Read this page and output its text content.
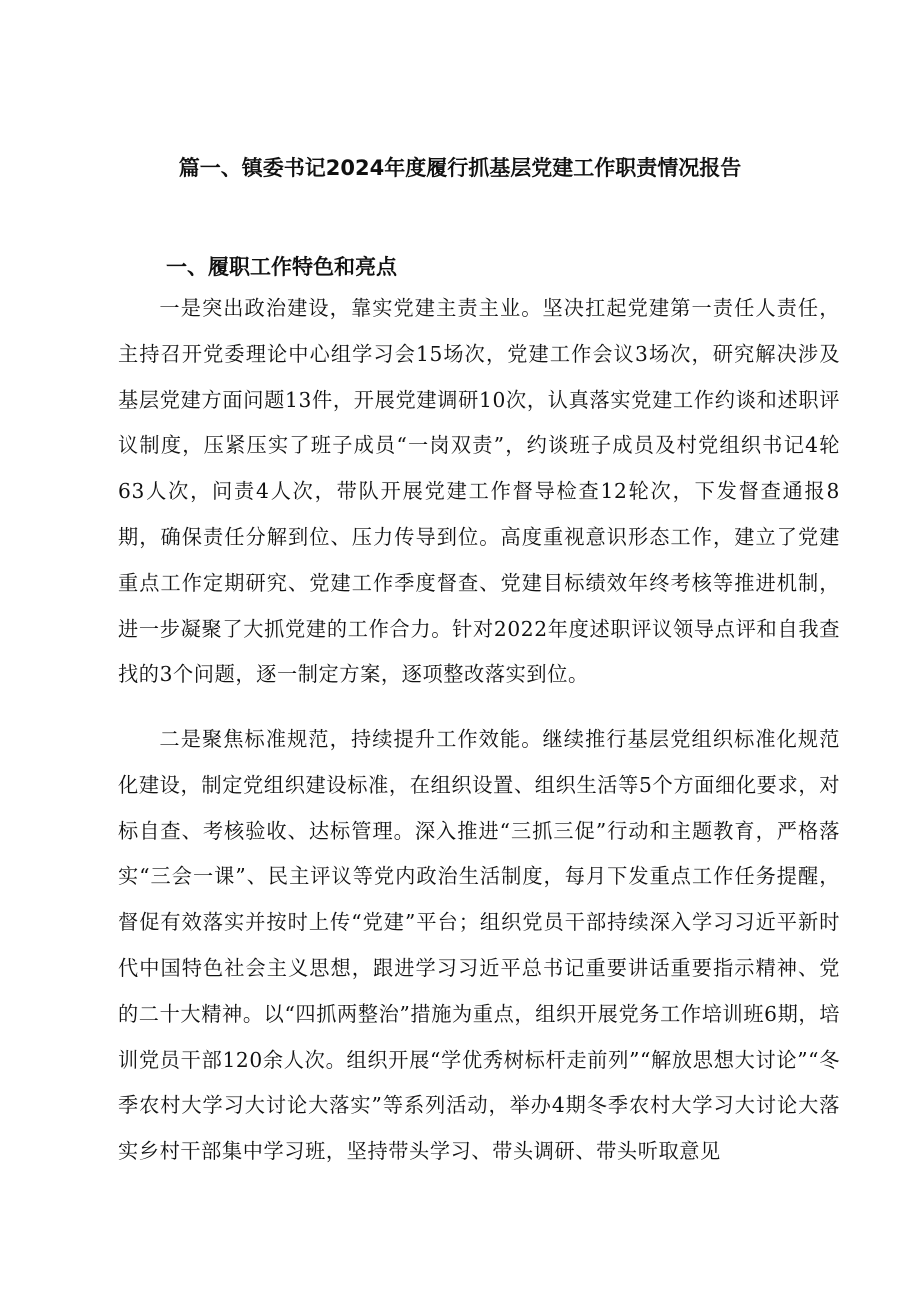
篇一、镇委书记2024年度履行抓基层党建工作职责情况报告
一、履职工作特色和亮点

一是突出政治建设，靠实党建主责主业。坚决扛起党建第一责任人责任，主持召开党委理论中心组学习会15场次，党建工作会议3场次，研究解决涉及基层党建方面问题13件，开展党建调研10次，认真落实党建工作约谈和述职评议制度，压紧压实了班子成员“一岗双责”，约谈班子成员及村党组织书记4轮63人次，问责4人次，带队开展党建工作督导检查12轮次，下发督查通报8期，确保责任分解到位、压力传导到位。高度重视意识形态工作，建立了党建重点工作定期研究、党建工作季度督查、党建目标绩效年终考核等推进机制，进一步凝聚了大抓党建的工作合力。针对2022年度述职评议领导点评和自我查找的3个问题，逐一制定方案，逐项整改落实到位。

二是聚焦标准规范，持续提升工作效能。继续推行基层党组织标准化规范化建设，制定党组织建设标准，在组织设置、组织生活等5个方面细化要求，对标自查、考核验收、达标管理。深入推进“三抓三促”行动和主题教育，严格落实“三会一课”、民主评议等党内政治生活制度，每月下发重点工作任务提醒，督促有效落实并按时上传“党建”平台；组织党员干部持续深入学习习近平新时代中国特色社会主义思想，跟进学习习近平总书记重要讲话重要指示精神、党的二十大精神。以“四抓两整治”措施为重点，组织开展党务工作培训班6期，培训党员干部120余人次。组织开展“学优秀树标杆走前列”“解放思想大讨论”“冬季农村大学习大讨论大落实”等系列活动，举办4期冬季农村大学习大讨论大落实乡村干部集中学习班，坚持带头学习、带头调研、带头听取意见
